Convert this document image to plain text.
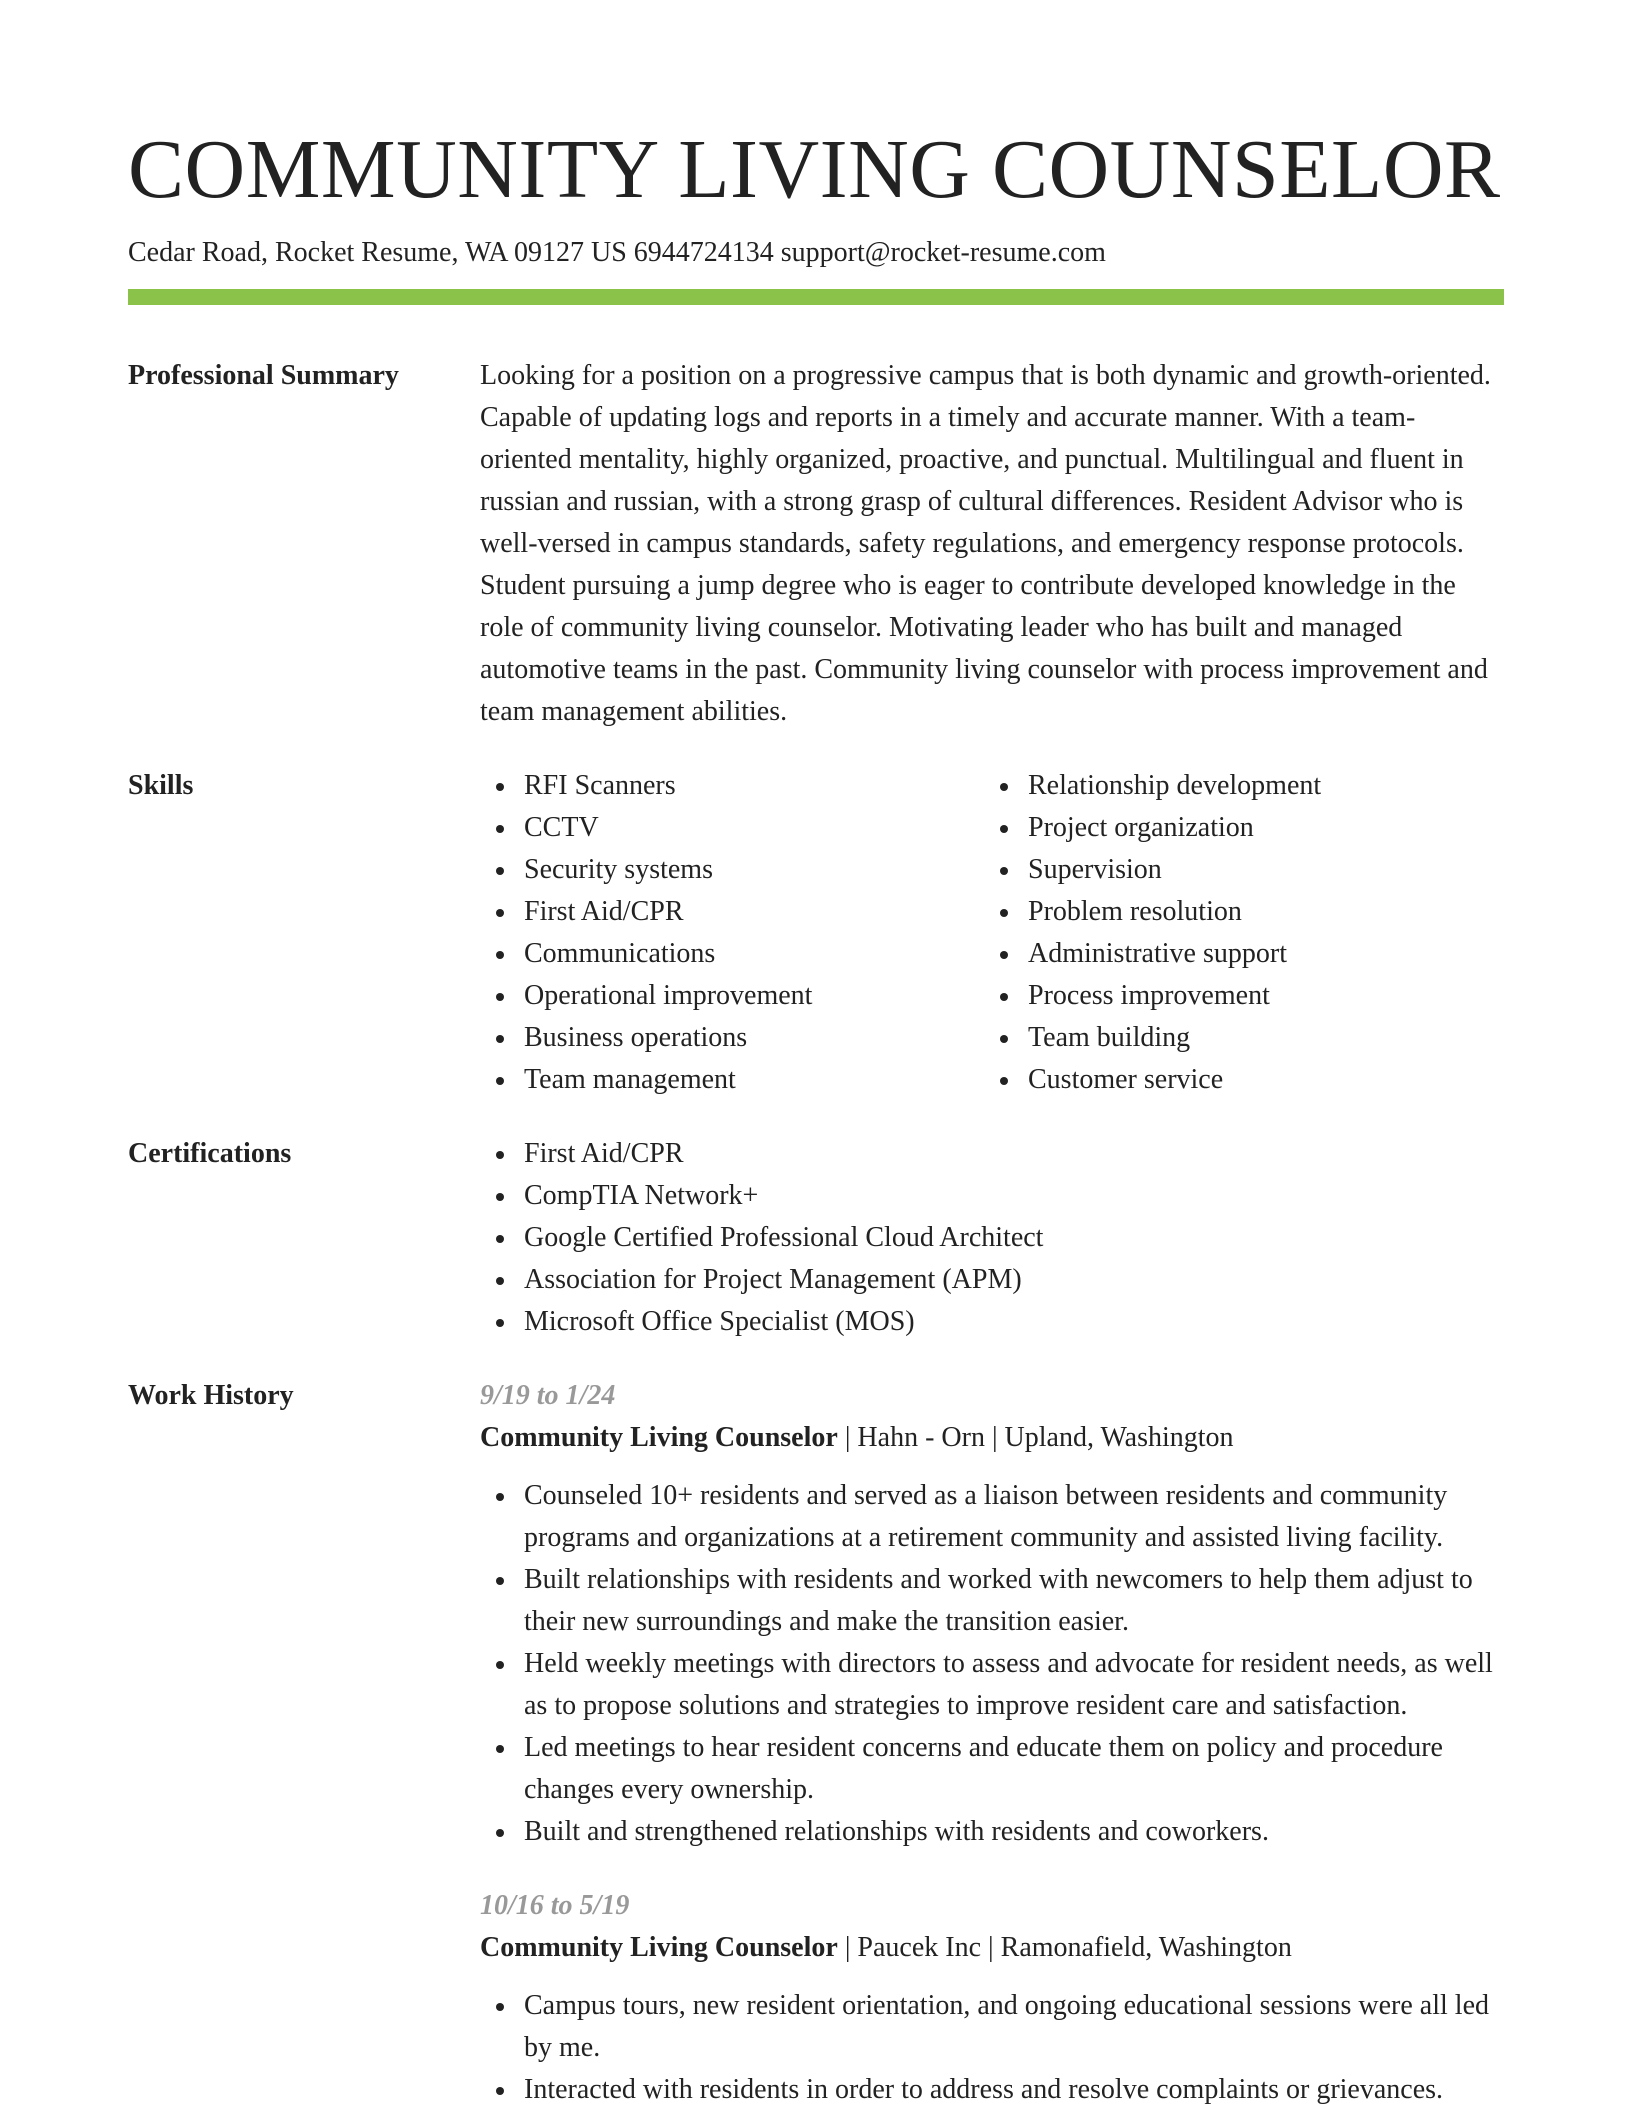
COMMUNITY LIVING COUNSELOR
Cedar Road, Rocket Resume, WA 09127 US 6944724134 support@rocket-resume.com
Professional Summary	Looking for a position on a progressive campus that is both dynamic and growth-oriented. Capable of updating logs and reports in a timely and accurate manner. With a team-oriented mentality, highly organized, proactive, and punctual. Multilingual and fluent in russian and russian, with a strong grasp of cultural differences. Resident Advisor who is well-versed in campus standards, safety regulations, and emergency response protocols. Student pursuing a jump degree who is eager to contribute developed knowledge in the role of community living counselor. Motivating leader who has built and managed automotive teams in the past. Community living counselor with process improvement and team management abilities.

Skills	RFI Scanners
CCTV
Security systems
First Aid/CPR
Communications
Operational improvement
Business operations
Team management
Relationship development
Project organization
Supervision
Problem resolution
Administrative support
Process improvement
Team building
Customer service
Certifications	First Aid/CPR
CompTIA Network+
Google Certified Professional Cloud Architect
Association for Project Management (APM)
Microsoft Office Specialist (MOS)
Work History	9/19 to 1/24
Community Living Counselor | Hahn - Orn | Upland, Washington
Counseled 10+ residents and served as a liaison between residents and community programs and organizations at a retirement community and assisted living facility.
Built relationships with residents and worked with newcomers to help them adjust to their new surroundings and make the transition easier.
Held weekly meetings with directors to assess and advocate for resident needs, as well as to propose solutions and strategies to improve resident care and satisfaction.
Led meetings to hear resident concerns and educate them on policy and procedure changes every ownership.
Built and strengthened relationships with residents and coworkers.
10/16 to 5/19
Community Living Counselor | Paucek Inc | Ramonafield, Washington
Campus tours, new resident orientation, and ongoing educational sessions were all led by me.
Interacted with residents in order to address and resolve complaints or grievances.
